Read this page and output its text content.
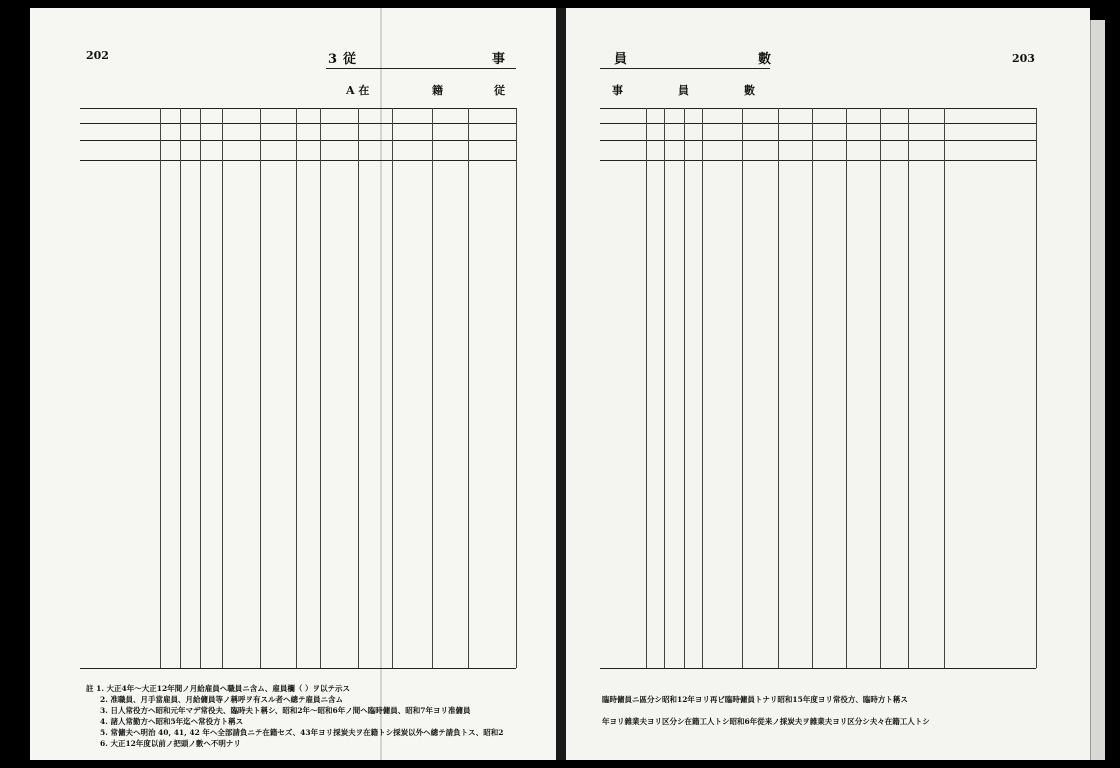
202	3 従	事
A 在	籍	従
203
員	數
事	員	數
註 1. 大正4年～大正12年間ノ月給雇員ヘ職員ニ含ム、雇員欄（ ）ヲ以テ示ス
2. 准職員、月手當雇員、月給傭員等ノ稱呼ヲ有スル者ヘ總テ雇員ニ含ム
3. 日人常役方ヘ昭和元年マデ常役夫、臨時夫ト稱シ、昭和2年～昭和6年ノ間ヘ臨時傭員、昭和7年ヨリ准傭員
4. 諸人常勤方ヘ昭和5年迄ヘ常役方ト稱ス
5. 常傭夫ヘ明治 40, 41, 42 年ヘ全部請負ニテ在籍セズ、43年ヨリ採炭夫ヲ在籍トシ採炭以外ヘ總テ請負トス、昭和2
6. 大正12年度以前ノ把頭ノ數ヘ不明ナリ
臨時傭員ニ區分シ昭和12年ヨリ再ビ臨時傭員トナリ昭和15年度ヨリ常役方、臨時方ト稱ス
年ヨリ雜業夫ヨリ区分シ在籍工人トシ昭和6年從来ノ採炭夫ヲ雜業夫ヨリ区分シ夫々在籍工人トシ
